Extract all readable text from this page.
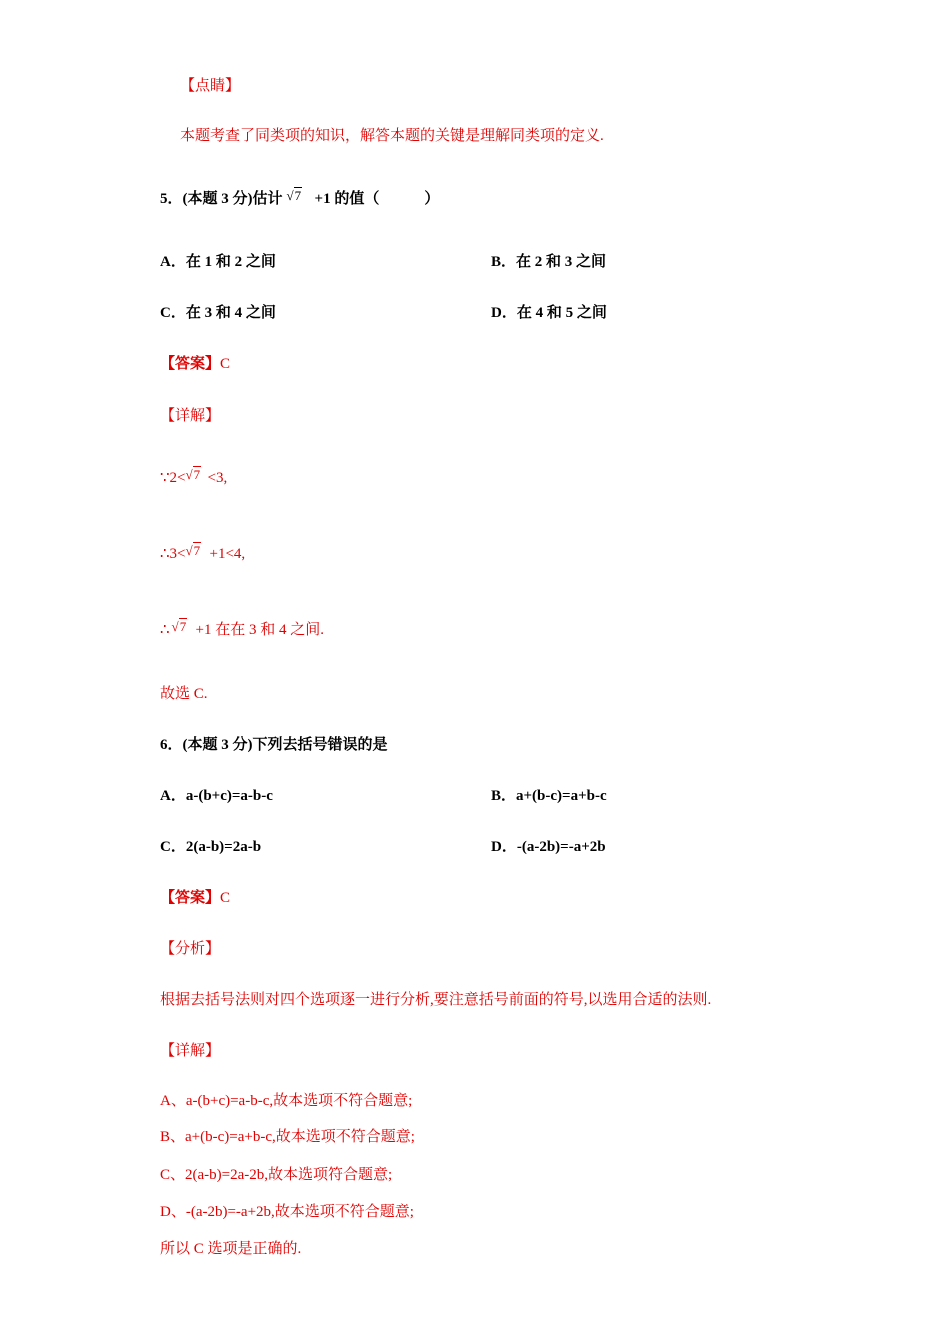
【点睛】
本题考查了同类项的知识，解答本题的关键是理解同类项的定义.
5．(本题 3 分)估计 √7 +1 的值（　　　）
A．在 1 和 2 之间	B．在 2 和 3 之间
C．在 3 和 4 之间	D．在 4 和 5 之间
【答案】C
【详解】
∵2< √7 <3,
∴3< √7 +1<4,
∴ √7 +1 在在 3 和 4 之间.
故选 C.
6．(本题 3 分)下列去括号错误的是
A．a-(b+c)=a-b-c	B．a+(b-c)=a+b-c
C．2(a-b)=2a-b	D．-(a-2b)=-a+2b
【答案】C
【分析】
根据去括号法则对四个选项逐一进行分析,要注意括号前面的符号,以选用合适的法则.
【详解】
A、a-(b+c)=a-b-c,故本选项不符合题意;
B、a+(b-c)=a+b-c,故本选项不符合题意;
C、2(a-b)=2a-2b,故本选项符合题意;
D、-(a-2b)=-a+2b,故本选项不符合题意;
所以 C 选项是正确的.
